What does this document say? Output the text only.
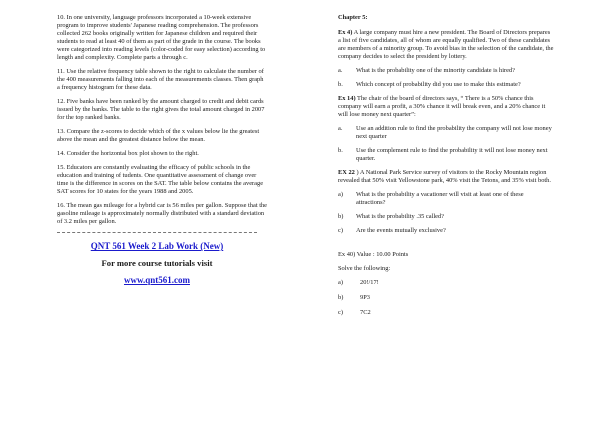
10. In one university, language professors incorporated a 10-week extensive program to improve students' Japanese reading comprehension. The professors collected 262 books originally written for Japanese children and required their students to read at least 40 of them as part of the grade in the course. The books were categorized into reading levels (color-coded for easy selection) according to length and complexity. Complete parts a through c.

11. Use the relative frequency table shown to the right to calculate the number of the 400 measurements falling into each of the measurements classes. Then graph a frequency histogram for these data.

12. Five banks have been ranked by the amount charged to credit and debit cards issued by the banks. The table to the right gives the total amount charged in 2007 for the top ranked banks.

13. Compare the z-scores to decide which of the x values below lie the greatest above the mean and the greatest distance below the mean.

14. Consider the horizontal box plot shown to the right.

15. Educators are constantly evaluating the efficacy of public schools in the education and training of tudents. One quantitative assessment of change over time is the difference in scores on the SAT. The table below contains the average SAT scores for 10 states for the years 1988 and 2005.

16. The mean gas mileage for a hybrid car is 56 miles per gallon. Suppose that the gasoline mileage is approximately normally distributed with a standard deviation of 3.2 miles per gallon.

QNT 561 Week 2 Lab Work (New)
For more course tutorials visit
www.qnt561.com
Chapter 5:

Ex 4) A large company must hire a new president. The Board of Directors prepares a list of five candidates, all of whom are equally qualified. Two of these candidates are members of a minority group. To avoid bias in the selection of the candidate, the company decides to select the president by lottery.

a.	What is the probability one of the minority candidate is hired?
b.	Which concept of probability did you use to make this estimate?

Ex 14) The chair of the board of directors says, “ There is a 50% chance this company will earn a profit, a 30% chance it will break even, and a 20% chance it will lose money next quarter”:

a.	Use an addition rule to find the probability the company will not lose money next quarter
b.	Use the complement rule to find the probability it will not lose money next quarter.

EX 22 ) A National Park Service survey of visitors to the Rocky Mountain region revealed that 50% visit Yellowstone park, 40% visit the Tetons, and 35% visit both.

a)	What is the probability a vacationer will visit at least one of these attractions?
b)	What is the probability .35 called?
c)	Are the events mutually exclusive?

Ex 40) Value : 10.00 Points

Solve the following:

a)	20!/17!
b)	9P3
c)	7C2
